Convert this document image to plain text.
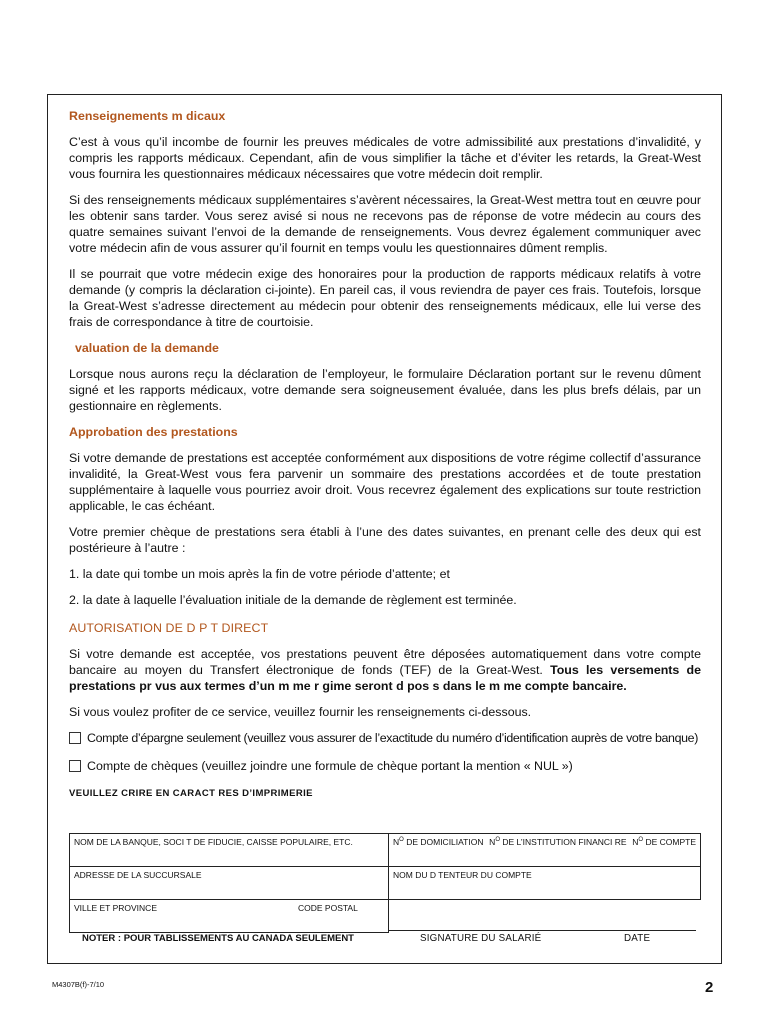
Renseignements m dicaux

C’est à vous qu’il incombe de fournir les preuves médicales de votre admissibilité aux prestations d’invalidité, y compris les rapports médicaux. Cependant, afin de vous simplifier la tâche et d’éviter les retards, la Great-West vous fournira les questionnaires médicaux nécessaires que votre médecin doit remplir.

Si des renseignements médicaux supplémentaires s’avèrent nécessaires, la Great-West mettra tout en œuvre pour les obtenir sans tarder. Vous serez avisé si nous ne recevons pas de réponse de votre médecin au cours des quatre semaines suivant l’envoi de la demande de renseignements. Vous devrez également communiquer avec votre médecin afin de vous assurer qu’il fournit en temps voulu les questionnaires dûment remplis.

Il se pourrait que votre médecin exige des honoraires pour la production de rapports médicaux relatifs à votre demande (y compris la déclaration ci-jointe). En pareil cas, il vous reviendra de payer ces frais. Toutefois, lorsque la Great-West s’adresse directement au médecin pour obtenir des renseignements médicaux, elle lui verse des frais de correspondance à titre de courtoisie.

valuation de la demande

Lorsque nous aurons reçu la déclaration de l’employeur, le formulaire Déclaration portant sur le revenu dûment signé et les rapports médicaux, votre demande sera soigneusement évaluée, dans les plus brefs délais, par un gestionnaire en règlements.

Approbation des prestations

Si votre demande de prestations est acceptée conformément aux dispositions de votre régime collectif d’assurance invalidité, la Great-West vous fera parvenir un sommaire des prestations accordées et de toute prestation supplémentaire à laquelle vous pourriez avoir droit. Vous recevrez également des explications sur toute restriction applicable, le cas échéant.

Votre premier chèque de prestations sera établi à l’une des dates suivantes, en prenant celle des deux qui est postérieure à l’autre :

1. la date qui tombe un mois après la fin de votre période d’attente; et
2. la date à laquelle l’évaluation initiale de la demande de règlement est terminée.
AUTORISATION DE D P T DIRECT

Si votre demande est acceptée, vos prestations peuvent être déposées automatiquement dans votre compte bancaire au moyen du Transfert électronique de fonds (TEF) de la Great-West. Tous les versements de prestations pr vus aux termes d’un m me r gime seront d pos s dans le m me compte bancaire.

Si vous voulez profiter de ce service, veuillez fournir les renseignements ci-dessous.

Compte d’épargne seulement (veuillez vous assurer de l’exactitude du numéro d’identification auprès de votre banque)
Compte de chèques (veuillez joindre une formule de chèque portant la mention « NUL »)
VEUILLEZ CRIRE EN CARACT RES D’IMPRIMERIE
NOM DE LA BANQUE, SOCI T DE FIDUCIE, CAISSE POPULAIRE, ETC.	$N^O$ DE DOMICILIATION $N^O$ DE L’INSTITUTION FINANCI RE $N^O$ DE COMPTE

ADRESSE DE LA SUCCURSALE	NOM DU D TENTEUR DU COMPTE
VILLE ET PROVINCE CODE POSTAL	

NOTER : POUR TABLISSEMENTS AU CANADA SEULEMENT	SIGNATURE DU SALARIÉ	DATE
M4307B(f)-7/10	2
